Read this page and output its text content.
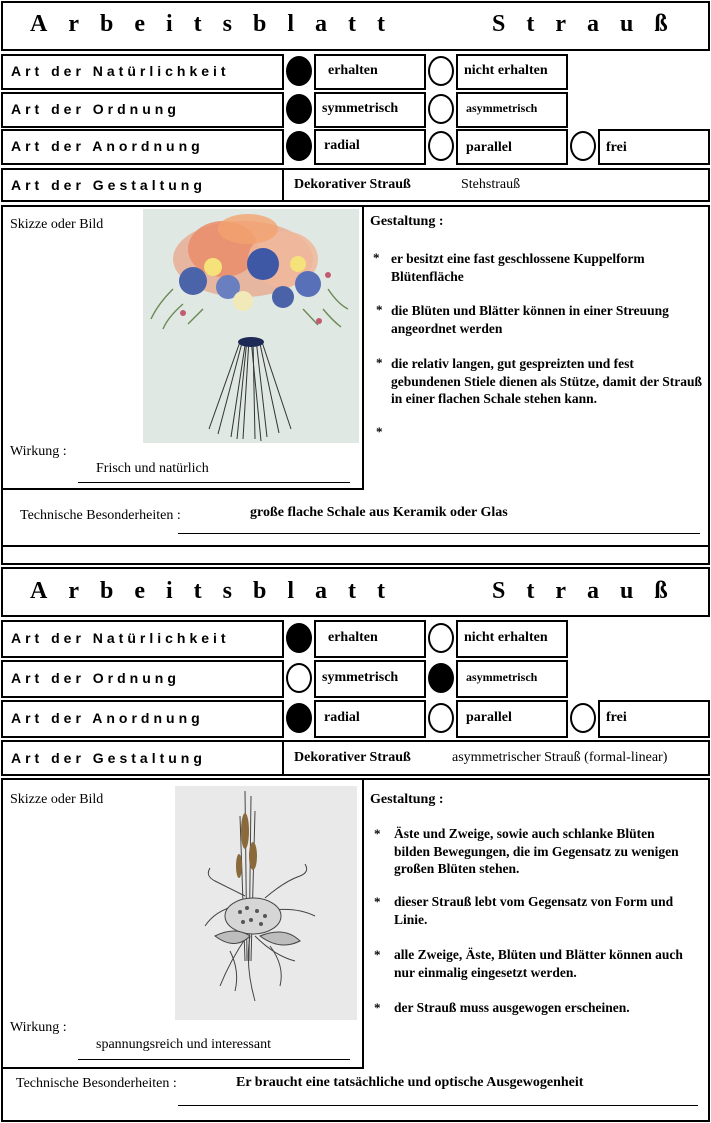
Arbeitsblatt	Strauß
Art der Natürlichkeit	erhalten	nicht erhalten
Art der Ordnung	symmetrisch	asymmetrisch
Art der Anordnung	radial	parallel	frei
Art der Gestaltung	Dekorativer Strauß	Stehstrauß
Skizze oder Bild	Gestaltung :
* er besitzt eine fast geschlossene Kuppelform Blütenfläche
* die Blüten und Blätter können in einer Streuung angeordnet werden
* die relativ langen, gut gespreizten und fest gebundenen Stiele dienen als Stütze, damit der Strauß in einer flachen Schale stehen kann.
*
Wirkung :
Frisch und natürlich
Technische Besonderheiten :	große flache Schale aus Keramik oder Glas
Arbeitsblatt	Strauß
Art der Natürlichkeit	erhalten	nicht erhalten
Art der Ordnung	symmetrisch	asymmetrisch
Art der Anordnung	radial	parallel	frei
Art der Gestaltung	Dekorativer Strauß	asymmetrischer Strauß (formal-linear)
Skizze oder Bild	Gestaltung :
* Äste und Zweige, sowie auch schlanke Blüten bilden Bewegungen, die im Gegensatz zu wenigen großen Blüten stehen.
* dieser Strauß lebt vom Gegensatz von Form und Linie.
* alle Zweige, Äste, Blüten und Blätter können auch nur einmalig eingesetzt werden.
* der Strauß muss ausgewogen erscheinen.
Wirkung :
spannungsreich und interessant
Technische Besonderheiten :	Er braucht eine tatsächliche und optische Ausgewogenheit
